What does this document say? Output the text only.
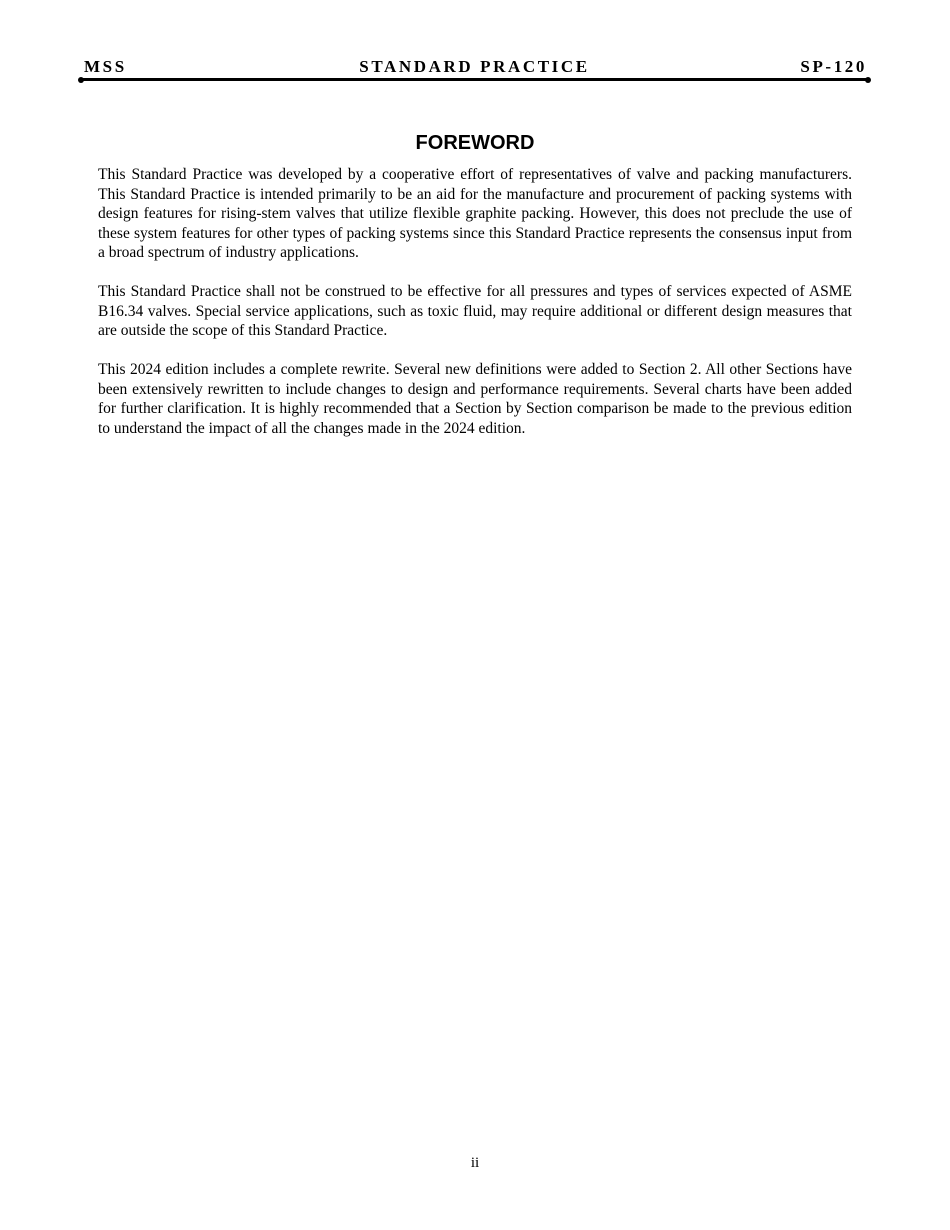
MSS	STANDARD PRACTICE	SP-120
FOREWORD

This Standard Practice was developed by a cooperative effort of representatives of valve and packing manufacturers. This Standard Practice is intended primarily to be an aid for the manufacture and procurement of packing systems with design features for rising-stem valves that utilize flexible graphite packing. However, this does not preclude the use of these system features for other types of packing systems since this Standard Practice represents the consensus input from a broad spectrum of industry applications.

This Standard Practice shall not be construed to be effective for all pressures and types of services expected of ASME B16.34 valves. Special service applications, such as toxic fluid, may require additional or different design measures that are outside the scope of this Standard Practice.

This 2024 edition includes a complete rewrite. Several new definitions were added to Section 2. All other Sections have been extensively rewritten to include changes to design and performance requirements. Several charts have been added for further clarification. It is highly recommended that a Section by Section comparison be made to the previous edition to understand the impact of all the changes made in the 2024 edition.

ii
